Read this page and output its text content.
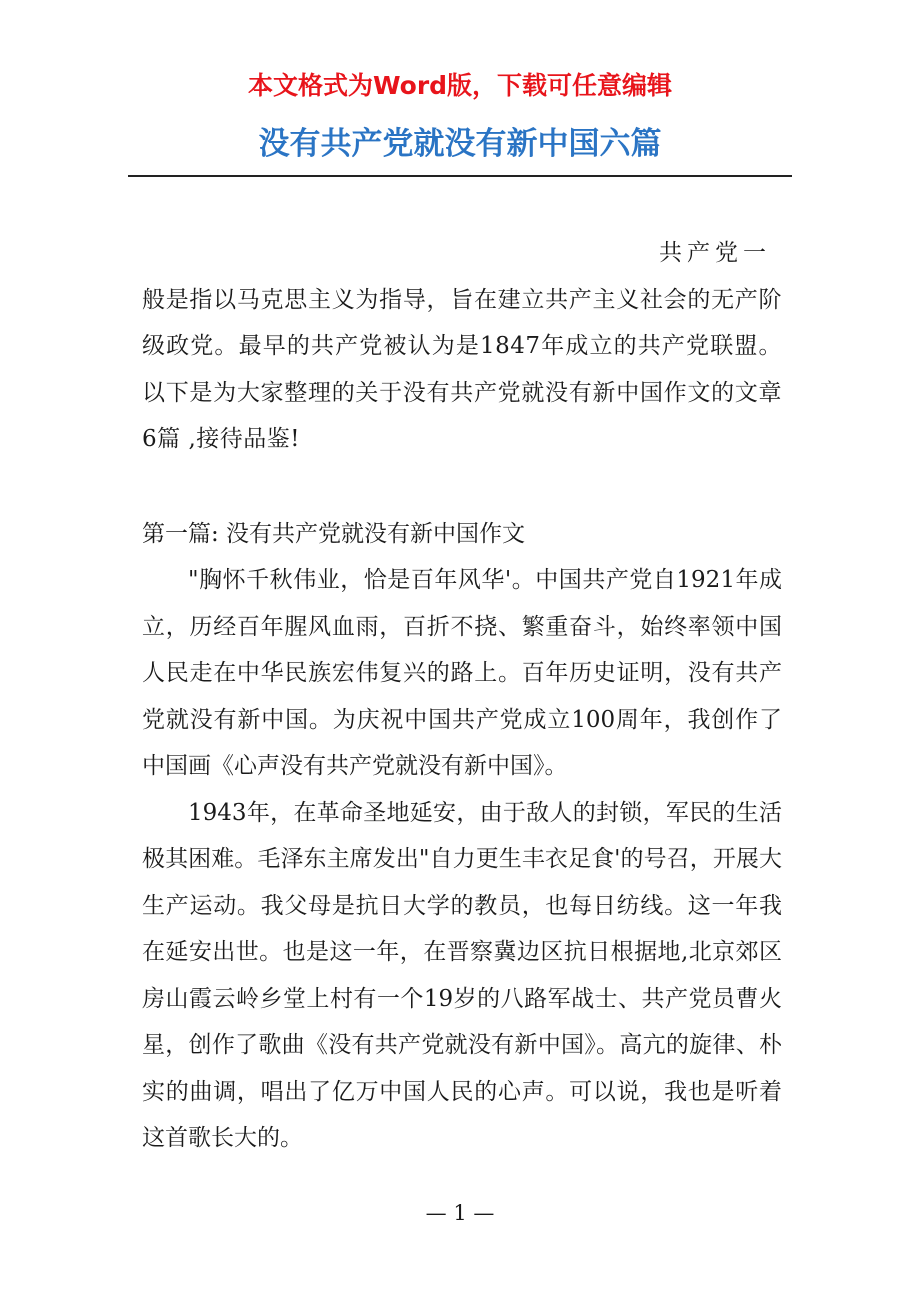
本文格式为Word版，下载可任意编辑
没有共产党就没有新中国六篇

共产党一

般是指以马克思主义为指导，旨在建立共产主义社会的无产阶级政党。最早的共产党被认为是1847年成立的共产党联盟。以下是为大家整理的关于没有共产党就没有新中国作文的文章6篇 ,接待品鉴!

第一篇: 没有共产党就没有新中国作文

"胸怀千秋伟业，恰是百年风华'。中国共产党自1921年成立，历经百年腥风血雨，百折不挠、繁重奋斗，始终率领中国人民走在中华民族宏伟复兴的路上。百年历史证明，没有共产党就没有新中国。为庆祝中国共产党成立100周年，我创作了中国画《心声没有共产党就没有新中国》。

1943年，在革命圣地延安，由于敌人的封锁，军民的生活极其困难。毛泽东主席发出"自力更生丰衣足食'的号召，开展大生产运动。我父母是抗日大学的教员，也每日纺线。这一年我在延安出世。也是这一年，在晋察冀边区抗日根据地,北京郊区房山霞云岭乡堂上村有一个19岁的八路军战士、共产党员曹火星，创作了歌曲《没有共产党就没有新中国》。高亢的旋律、朴实的曲调，唱出了亿万中国人民的心声。可以说，我也是听着这首歌长大的。

— 1 —
